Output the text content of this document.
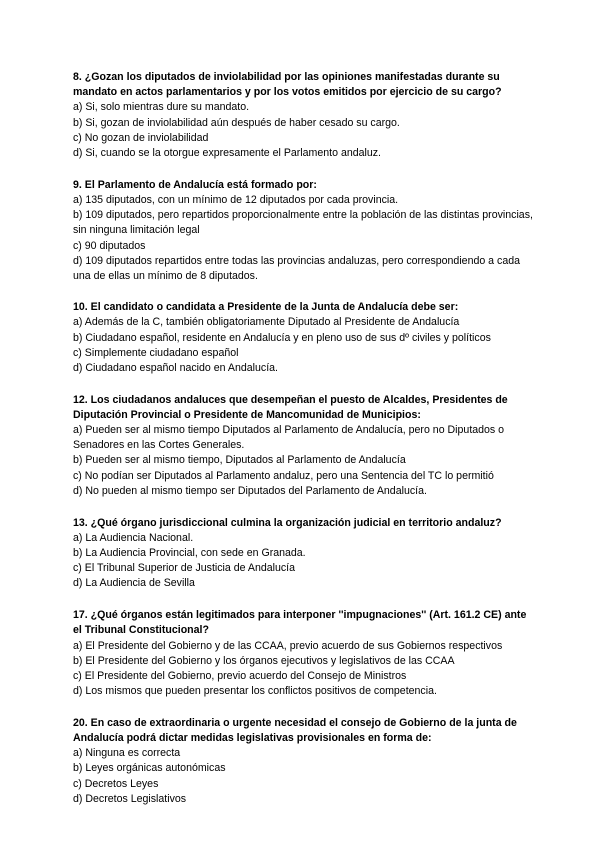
8. ¿Gozan los diputados de inviolabilidad por las opiniones manifestadas durante su mandato en actos parlamentarios y por los votos emitidos por ejercicio de su cargo?

a) Si, solo mientras dure su mandato.
b) Si, gozan de inviolabilidad aún después de haber cesado su cargo.
c) No gozan de inviolabilidad
d) Si, cuando se la otorgue expresamente el Parlamento andaluz.

9. El Parlamento de Andalucía está formado por:

a) 135 diputados, con un mínimo de 12 diputados por cada provincia.
b) 109 diputados, pero repartidos proporcionalmente entre la población de las distintas provincias, sin ninguna limitación legal
c) 90 diputados
d) 109 diputados repartidos entre todas las provincias andaluzas, pero correspondiendo a cada una de ellas un mínimo de 8 diputados.

10. El candidato o candidata a Presidente de la Junta de Andalucía debe ser:

a) Además de la C, también obligatoriamente Diputado al Presidente de Andalucía
b) Ciudadano español, residente en Andalucía y en pleno uso de sus dº civiles y políticos
c) Simplemente ciudadano español
d) Ciudadano español nacido en Andalucía.

12. Los ciudadanos andaluces que desempeñan el puesto de Alcaldes, Presidentes de Diputación Provincial o Presidente de Mancomunidad de Municipios:

a) Pueden ser al mismo tiempo Diputados al Parlamento de Andalucía, pero no Diputados o Senadores en las Cortes Generales.
b) Pueden ser al mismo tiempo, Diputados al Parlamento de Andalucía
c) No podían ser Diputados al Parlamento andaluz, pero una Sentencia del TC lo permitió
d) No pueden al mismo tiempo ser Diputados del Parlamento de Andalucía.

13. ¿Qué órgano jurisdiccional culmina la organización judicial en territorio andaluz?

a) La Audiencia Nacional.
b) La Audiencia Provincial, con sede en Granada.
c) El Tribunal Superior de Justicia de Andalucía
d) La Audiencia de Sevilla

17. ¿Qué órganos están legitimados para interponer ''impugnaciones'' (Art. 161.2 CE) ante el Tribunal Constitucional?

a) El Presidente del Gobierno y de las CCAA, previo acuerdo de sus Gobiernos respectivos
b) El Presidente del Gobierno y los órganos ejecutivos y legislativos de las CCAA
c) El Presidente del Gobierno, previo acuerdo del Consejo de Ministros
d) Los mismos que pueden presentar los conflictos positivos de competencia.

20. En caso de extraordinaria o urgente necesidad el consejo de Gobierno de la junta de Andalucía podrá dictar medidas legislativas provisionales en forma de:

a) Ninguna es correcta
b) Leyes orgánicas autonómicas
c) Decretos Leyes
d) Decretos Legislativos
